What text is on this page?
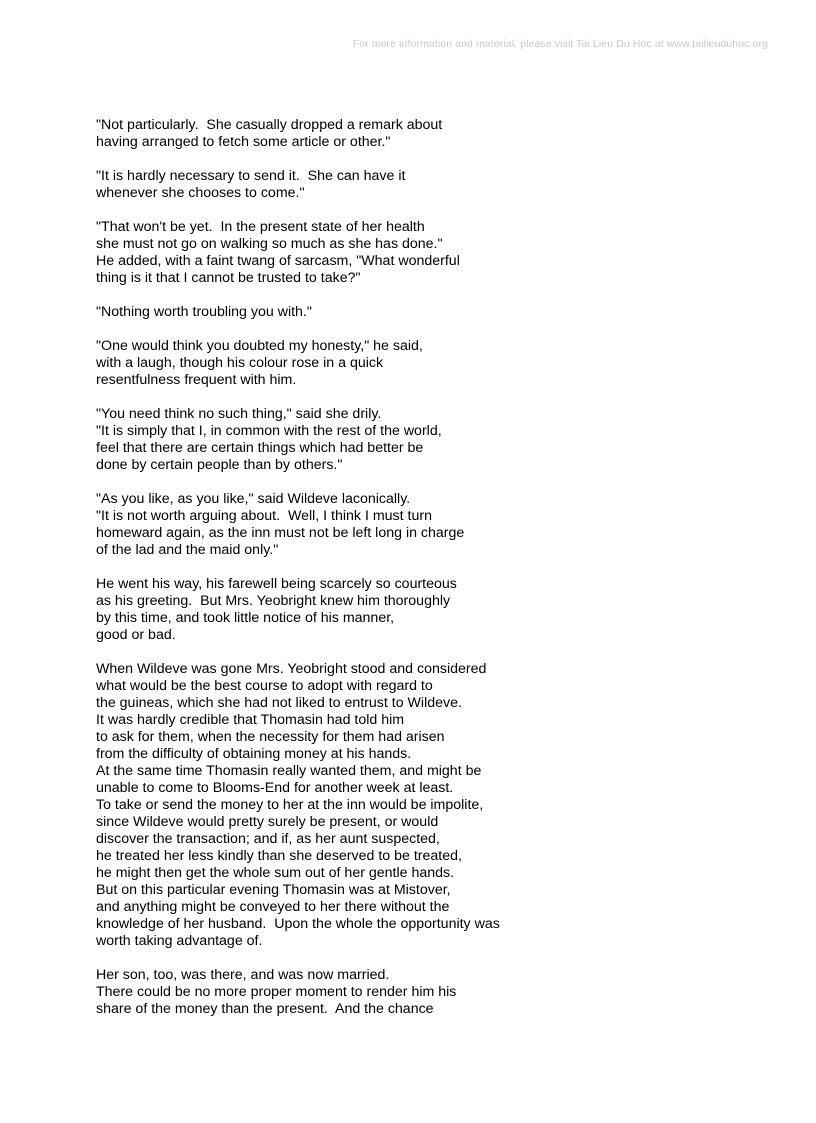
For more information and material, please visit Tai Lieu Du Hoc at www.tailieuduhoc.org

"Not particularly.  She casually dropped a remark about
having arranged to fetch some article or other."

"It is hardly necessary to send it.  She can have it
whenever she chooses to come."

"That won't be yet.  In the present state of her health
she must not go on walking so much as she has done."
He added, with a faint twang of sarcasm, "What wonderful
thing is it that I cannot be trusted to take?"

"Nothing worth troubling you with."

"One would think you doubted my honesty," he said,
with a laugh, though his colour rose in a quick
resentfulness frequent with him.

"You need think no such thing," said she drily.
"It is simply that I, in common with the rest of the world,
feel that there are certain things which had better be
done by certain people than by others."

"As you like, as you like," said Wildeve laconically.
"It is not worth arguing about.  Well, I think I must turn
homeward again, as the inn must not be left long in charge
of the lad and the maid only."

He went his way, his farewell being scarcely so courteous
as his greeting.  But Mrs. Yeobright knew him thoroughly
by this time, and took little notice of his manner,
good or bad.

When Wildeve was gone Mrs. Yeobright stood and considered
what would be the best course to adopt with regard to
the guineas, which she had not liked to entrust to Wildeve.
It was hardly credible that Thomasin had told him
to ask for them, when the necessity for them had arisen
from the difficulty of obtaining money at his hands.
At the same time Thomasin really wanted them, and might be
unable to come to Blooms-End for another week at least.
To take or send the money to her at the inn would be impolite,
since Wildeve would pretty surely be present, or would
discover the transaction; and if, as her aunt suspected,
he treated her less kindly than she deserved to be treated,
he might then get the whole sum out of her gentle hands.
But on this particular evening Thomasin was at Mistover,
and anything might be conveyed to her there without the
knowledge of her husband.  Upon the whole the opportunity was
worth taking advantage of.

Her son, too, was there, and was now married.
There could be no more proper moment to render him his
share of the money than the present.  And the chance
